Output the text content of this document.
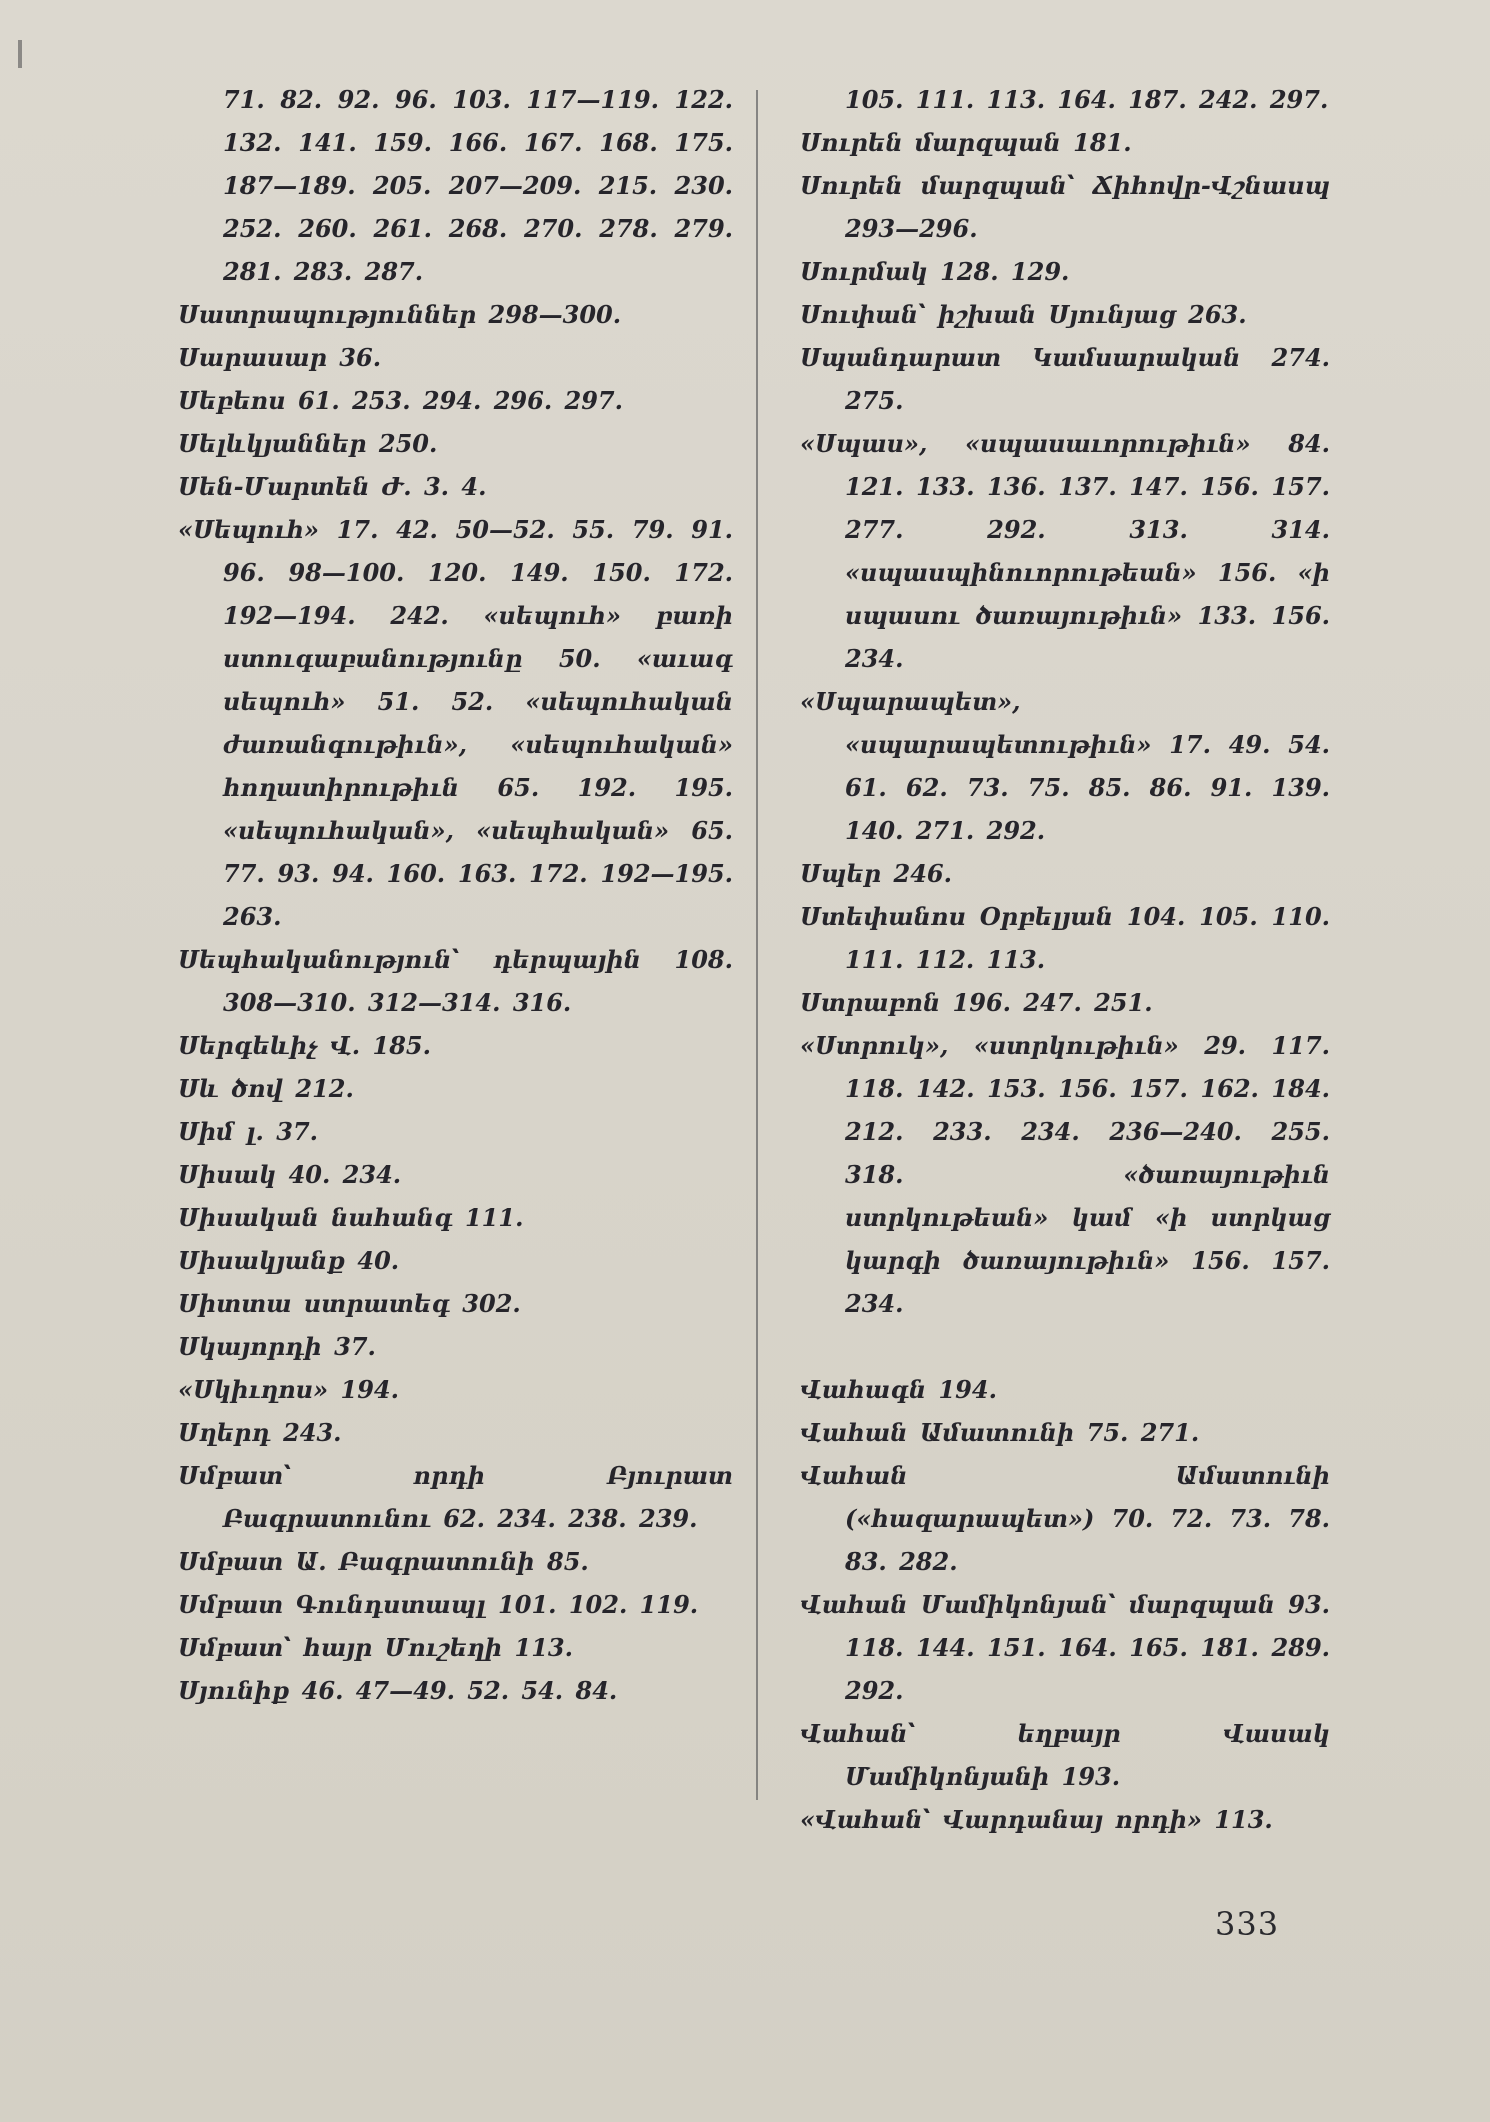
71. 82. 92. 96. 103. 117—119. 122. 132. 141. 159. 166. 167. 168. 175. 187—189. 205. 207—209. 215. 230. 252. 260. 261. 268. 270. 278. 279. 281. 283. 287.
Սատրապություններ 298—300.
Սարասար 36.
Սեբեոս 61. 253. 294. 296. 297.
Սելևկյաններ 250.
Սեն-Մարտեն Ժ. 3. 4.
«Սեպուհ» 17. 42. 50—52. 55. 79. 91. 96. 98—100. 120. 149. 150. 172. 192—194. 242. «սեպուհ» բառի ստուգաբանությունը 50. «աւագ սեպուհ» 51. 52. «սեպուհական ժառանգութիւն», «սեպուհական» հողատիրութիւն 65. 192. 195. «սեպուհական», «սեպհական» 65. 77. 93. 94. 160. 163. 172. 192—195. 263.
Սեպհականություն՝ դերպային 108. 308—310. 312—314. 316.
Սերգեևիչ Վ. 185.
Սև ծով 212.
Սիմ լ. 37.
Սիսակ 40. 234.
Սիսական նահանգ 111.
Սիսակյանք 40.
Սիտտա ստրատեգ 302.
Սկայորդի 37.
«Սկիւղոս» 194.
Սղերդ 243.
Սմբատ՝ որդի Բյուրատ Բագրատունու 62. 234. 238. 239.
Սմբատ Ա. Բագրատունի 85.
Սմբատ Գունդստապլ 101. 102. 119.
Սմբատ՝ հայր Մուշեղի 113.
Սյունիք 46. 47—49. 52. 54. 84.
105. 111. 113. 164. 187. 242. 297.
Սուրեն մարզպան 181.
Սուրեն մարզպան՝ Ճիհովր-Վշնասպ 293—296.
Սուրմակ 128. 129.
Սուփան՝ իշխան Սյունյաց 263.
Սպանդարատ Կամսարական 274. 275.
«Սպաս», «սպասաւորութիւն» 84. 121. 133. 136. 137. 147. 156. 157. 277. 292. 313. 314. «սպասպինուորութեան» 156. «ի սպասու ծառայութիւն» 133. 156. 234.
«Սպարապետ», «սպարապետութիւն» 17. 49. 54. 61. 62. 73. 75. 85. 86. 91. 139. 140. 271. 292.
Սպեր 246.
Ստեփանոս Օրբելյան 104. 105. 110. 111. 112. 113.
Ստրաբոն 196. 247. 251.
«Ստրուկ», «ստրկութիւն» 29. 117. 118. 142. 153. 156. 157. 162. 184. 212. 233. 234. 236—240. 255. 318. «ծառայութիւն ստրկութեան» կամ «ի ստրկաց կարգի ծառայութիւն» 156. 157. 234.
Վահագն 194.
Վահան Ամատունի 75. 271.
Վահան Ամատունի («հազարապետ») 70. 72. 73. 78. 83. 282.
Վահան Մամիկոնյան՝ մարզպան 93. 118. 144. 151. 164. 165. 181. 289. 292.
Վահան՝ եղբայր Վասակ Մամիկոնյանի 193.
«Վահան՝ Վարդանայ որդի» 113.
333
